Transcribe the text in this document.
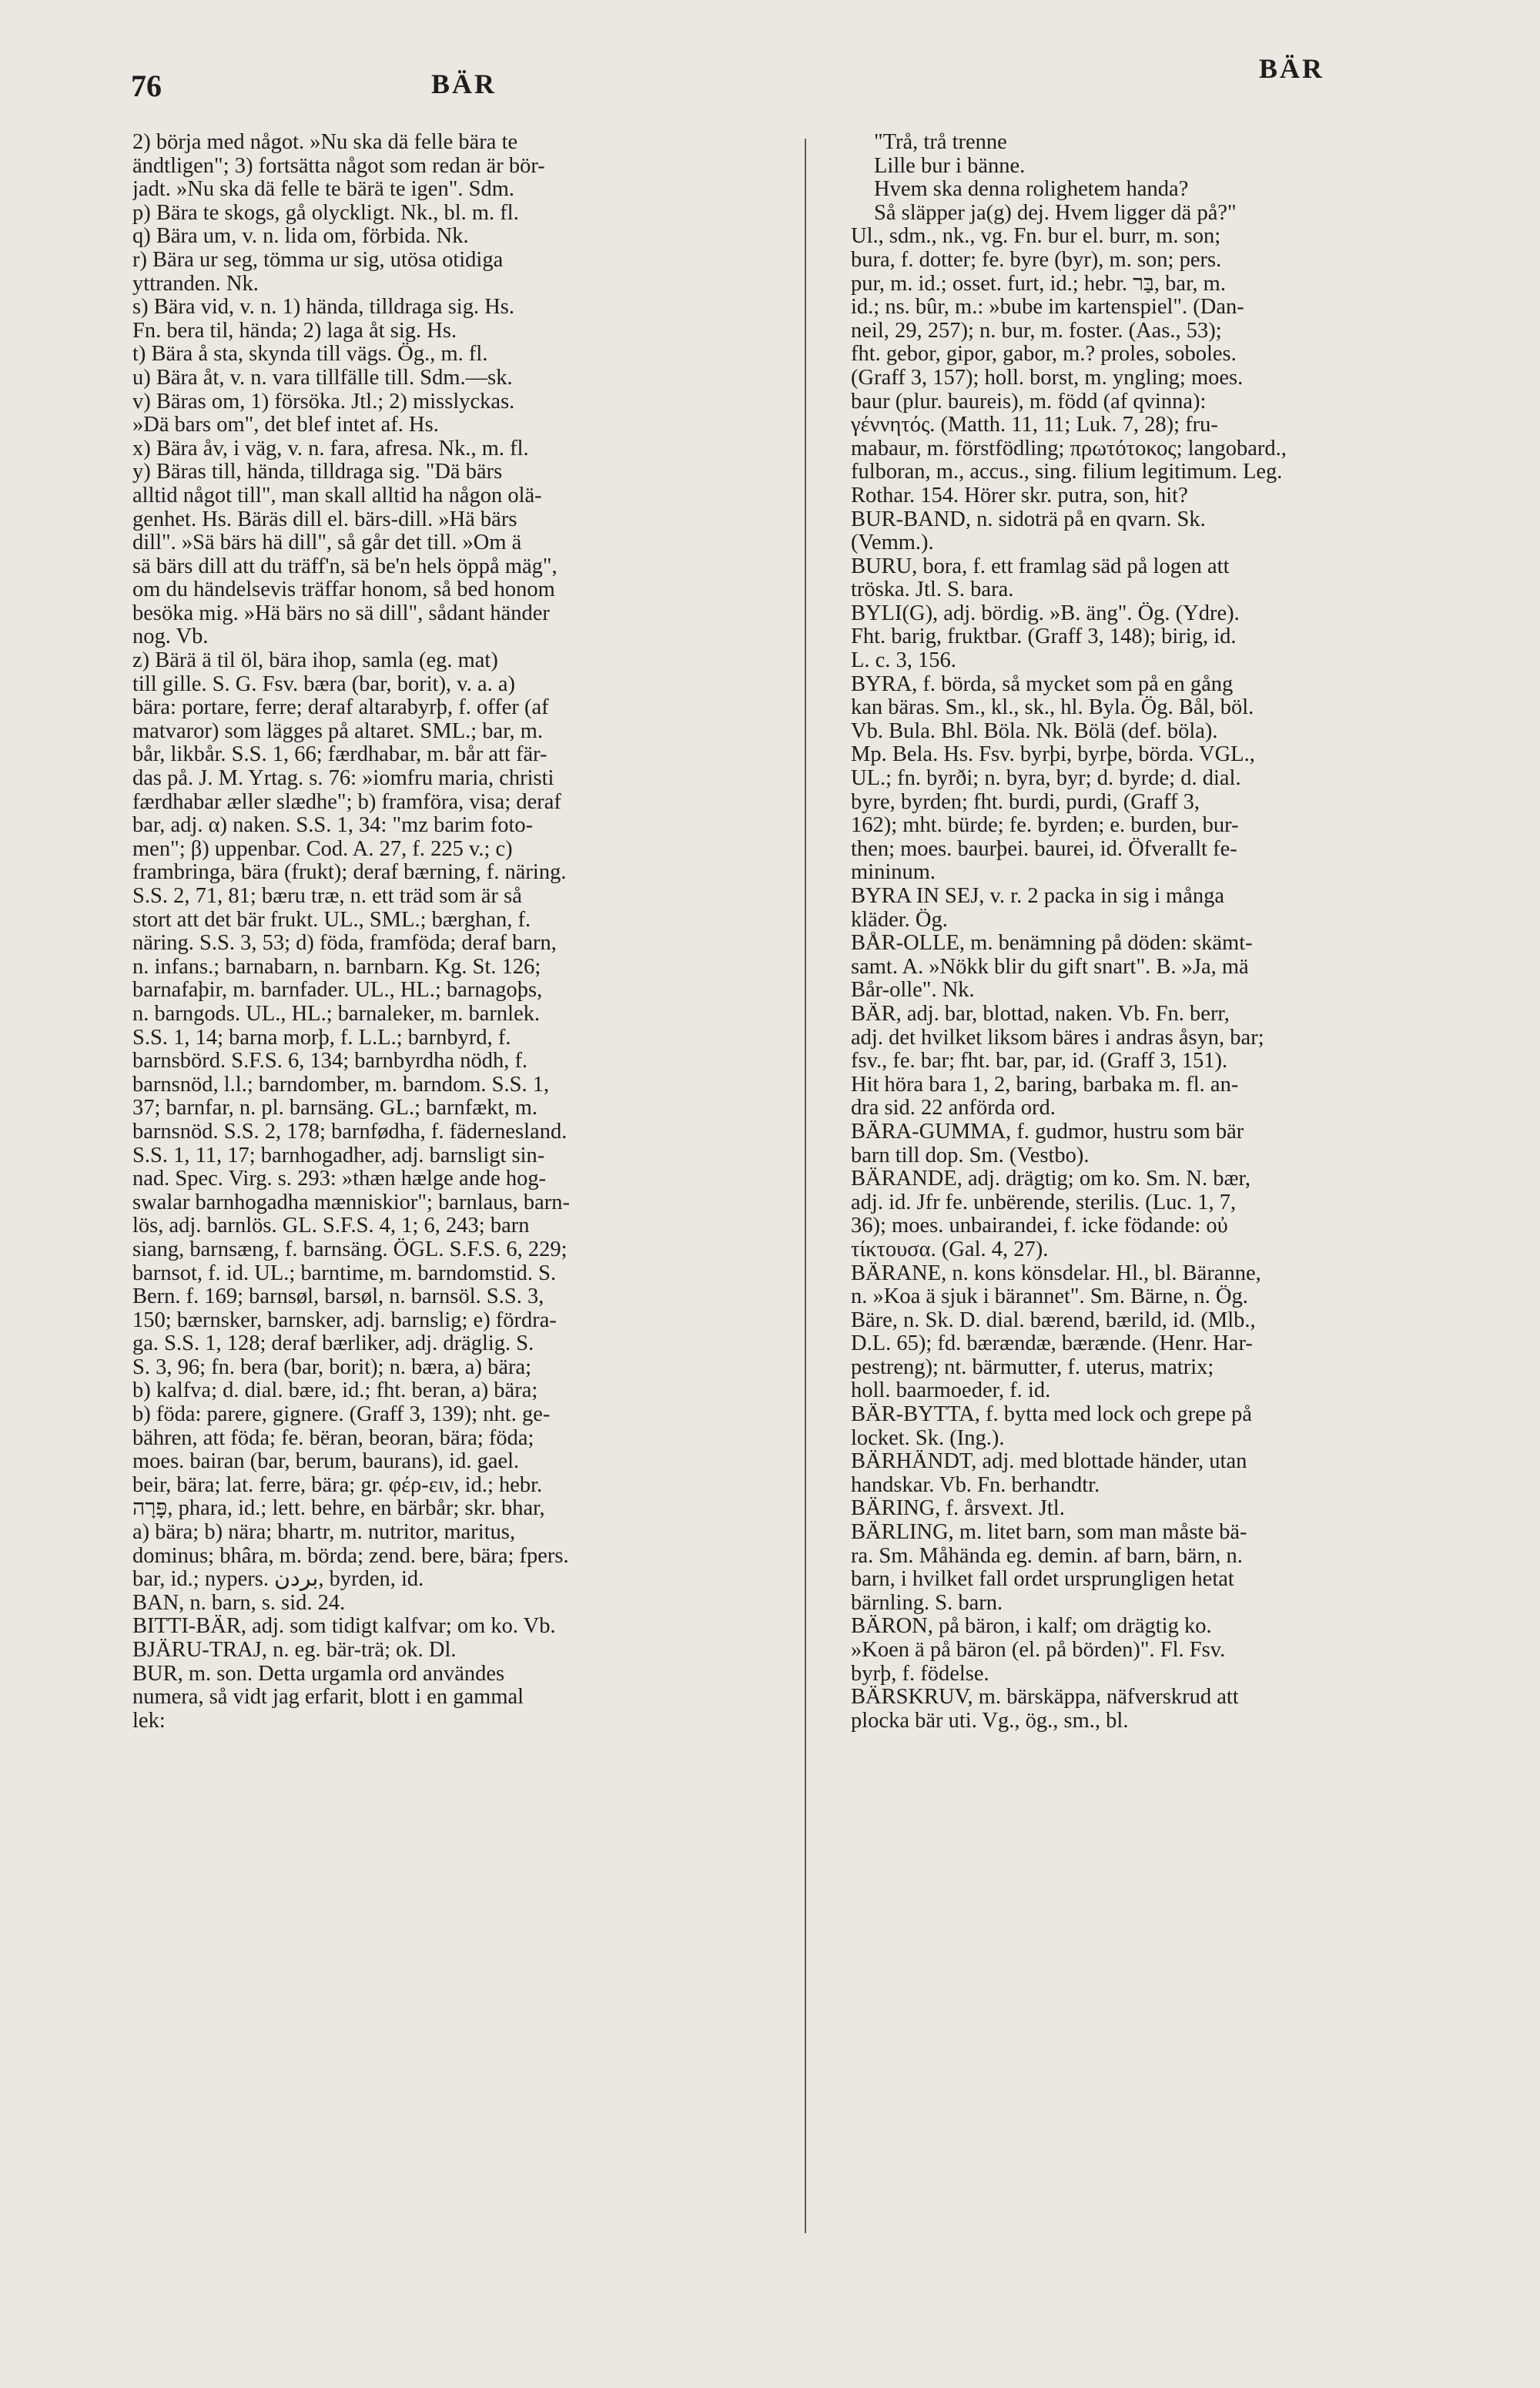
76	BÄR	BÄR
2) börja med något. »Nu ska dä felle bära te
ändtligen"; 3) fortsätta något som redan är bör-
jadt. »Nu ska dä felle te bärä te igen". Sdm.
p) Bära te skogs, gå olyckligt. Nk., bl. m. fl.
q) Bära um, v. n. lida om, förbida. Nk.
r) Bära ur seg, tömma ur sig, utösa otidiga
yttranden. Nk.
s) Bära vid, v. n. 1) hända, tilldraga sig. Hs.
Fn. bera til, hända; 2) laga åt sig. Hs.
t) Bära å sta, skynda till vägs. Ög., m. fl.
u) Bära åt, v. n. vara tillfälle till. Sdm.—sk.
v) Bäras om, 1) försöka. Jtl.; 2) misslyckas.
»Dä bars om", det blef intet af. Hs.
x) Bära åv, i väg, v. n. fara, afresa. Nk., m. fl.
y) Bäras till, hända, tilldraga sig. "Dä bärs
alltid något till", man skall alltid ha någon olä-
genhet. Hs. Bäräs dill el. bärs-dill. »Hä bärs
dill". »Sä bärs hä dill", så går det till. »Om ä
sä bärs dill att du träff'n, sä be'n hels öppå mäg",
om du händelsevis träffar honom, så bed honom
besöka mig. »Hä bärs no sä dill", sådant händer
nog. Vb.
z) Bärä ä til öl, bära ihop, samla (eg. mat)
till gille. S. G. Fsv. bæra (bar, borit), v. a. a)
bära: portare, ferre; deraf altarabyrþ, f. offer (af
matvaror) som lägges på altaret. SML.; bar, m.
bår, likbår. S.S. 1, 66; færdhabar, m. bår att fär-
das på. J. M. Yrtag. s. 76: »iomfru maria, christi
færdhabar æller slædhe"; b) framföra, visa; deraf
bar, adj. α) naken. S.S. 1, 34: "mz barim foto-
men"; β) uppenbar. Cod. A. 27, f. 225 v.; c)
frambringa, bära (frukt); deraf bærning, f. näring.
S.S. 2, 71, 81; bæru træ, n. ett träd som är så
stort att det bär frukt. UL., SML.; bærghan, f.
näring. S.S. 3, 53; d) föda, framföda; deraf barn,
n. infans.; barnabarn, n. barnbarn. Kg. St. 126;
barnafaþir, m. barnfader. UL., HL.; barnagoþs,
n. barngods. UL., HL.; barnaleker, m. barnlek.
S.S. 1, 14; barna morþ, f. L.L.; barnbyrd, f.
barnsbörd. S.F.S. 6, 134; barnbyrdha nödh, f.
barnsnöd, l.l.; barndomber, m. barndom. S.S. 1,
37; barnfar, n. pl. barnsäng. GL.; barnfækt, m.
barnsnöd. S.S. 2, 178; barnfødha, f. fädernesland.
S.S. 1, 11, 17; barnhogadher, adj. barnsligt sin-
nad. Spec. Virg. s. 293: »thæn hælge ande hog-
swalar barnhogadha mænniskior"; barnlaus, barn-
lös, adj. barnlös. GL. S.F.S. 4, 1; 6, 243; barn
siang, barnsæng, f. barnsäng. ÖGL. S.F.S. 6, 229;
barnsot, f. id. UL.; barntime, m. barndomstid. S.
Bern. f. 169; barnsøl, barsøl, n. barnsöl. S.S. 3,
150; bærnsker, barnsker, adj. barnslig; e) fördra-
ga. S.S. 1, 128; deraf bærliker, adj. dräglig. S.
S. 3, 96; fn. bera (bar, borit); n. bæra, a) bära;
b) kalfva; d. dial. bære, id.; fht. beran, a) bära;
b) föda: parere, gignere. (Graff 3, 139); nht. ge-
bähren, att föda; fe. bëran, beoran, bära; föda;
moes. bairan (bar, berum, baurans), id. gael.
beir, bära; lat. ferre, bära; gr. φέρ-ειν, id.; hebr.
פָּרָה, phara, id.; lett. behre, en bärbår; skr. bhar,
a) bära; b) nära; bhartr, m. nutritor, maritus,
dominus; bhâra, m. börda; zend. bere, bära; fpers.
bar, id.; nypers. بردن, byrden, id.
BAN, n. barn, s. sid. 24.
BITTI-BÄR, adj. som tidigt kalfvar; om ko. Vb.
BJÄRU-TRAJ, n. eg. bär-trä; ok. Dl.
BUR, m. son. Detta urgamla ord användes
numera, så vidt jag erfarit, blott i en gammal
lek:
"Trå, trå trenne
Lille bur i bänne.
Hvem ska denna rolighetem handa?
Så släpper ja(g) dej. Hvem ligger dä på?"
Ul., sdm., nk., vg. Fn. bur el. burr, m. son;
bura, f. dotter; fe. byre (byr), m. son; pers.
pur, m. id.; osset. furt, id.; hebr. בַּר, bar, m.
id.; ns. bûr, m.: »bube im kartenspiel". (Dan-
neil, 29, 257); n. bur, m. foster. (Aas., 53);
fht. gebor, gipor, gabor, m.? proles, soboles.
(Graff 3, 157); holl. borst, m. yngling; moes.
baur (plur. baureis), m. född (af qvinna):
γέννητός. (Matth. 11, 11; Luk. 7, 28); fru-
mabaur, m. förstfödling; πρωτότοκος; langobard.,
fulboran, m., accus., sing. filium legitimum. Leg.
Rothar. 154. Hörer skr. putra, son, hit?
BUR-BAND, n. sidoträ på en qvarn. Sk.
(Vemm.).
BURU, bora, f. ett framlag säd på logen att
tröska. Jtl. S. bara.
BYLI(G), adj. bördig. »B. äng". Ög. (Ydre).
Fht. barig, fruktbar. (Graff 3, 148); birig, id.
L. c. 3, 156.
BYRA, f. börda, så mycket som på en gång
kan bäras. Sm., kl., sk., hl. Byla. Ög. Bål, böl.
Vb. Bula. Bhl. Böla. Nk. Bölä (def. böla).
Mp. Bela. Hs. Fsv. byrþi, byrþe, börda. VGL.,
UL.; fn. byrði; n. byra, byr; d. byrde; d. dial.
byre, byrden; fht. burdi, purdi, (Graff 3,
162); mht. bürde; fe. byrden; e. burden, bur-
then; moes. baurþei. baurei, id. Öfverallt fe-
mininum.
BYRA IN SEJ, v. r. 2 packa in sig i många
kläder. Ög.
BÅR-OLLE, m. benämning på döden: skämt-
samt. A. »Nökk blir du gift snart". B. »Ja, mä
Bår-olle". Nk.
BÄR, adj. bar, blottad, naken. Vb. Fn. berr,
adj. det hvilket liksom bäres i andras åsyn, bar;
fsv., fe. bar; fht. bar, par, id. (Graff 3, 151).
Hit höra bara 1, 2, baring, barbaka m. fl. an-
dra sid. 22 anförda ord.
BÄRA-GUMMA, f. gudmor, hustru som bär
barn till dop. Sm. (Vestbo).
BÄRANDE, adj. drägtig; om ko. Sm. N. bær,
adj. id. Jfr fe. unbërende, sterilis. (Luc. 1, 7,
36); moes. unbairandei, f. icke födande: οὐ
τίκτουσα. (Gal. 4, 27).
BÄRANE, n. kons könsdelar. Hl., bl. Bäranne,
n. »Koa ä sjuk i bärannet". Sm. Bärne, n. Ög.
Bäre, n. Sk. D. dial. bærend, bærild, id. (Mlb.,
D.L. 65); fd. bærændæ, bærænde. (Henr. Har-
pestreng); nt. bärmutter, f. uterus, matrix;
holl. baarmoeder, f. id.
BÄR-BYTTA, f. bytta med lock och grepe på
locket. Sk. (Ing.).
BÄRHÄNDT, adj. med blottade händer, utan
handskar. Vb. Fn. berhandtr.
BÄRING, f. årsvext. Jtl.
BÄRLING, m. litet barn, som man måste bä-
ra. Sm. Måhända eg. demin. af barn, bärn, n.
barn, i hvilket fall ordet ursprungligen hetat
bärnling. S. barn.
BÄRON, på bäron, i kalf; om drägtig ko.
»Koen ä på bäron (el. på börden)". Fl. Fsv.
byrþ, f. födelse.
BÄRSKRUV, m. bärskäppa, näfverskrud att
plocka bär uti. Vg., ög., sm., bl.
